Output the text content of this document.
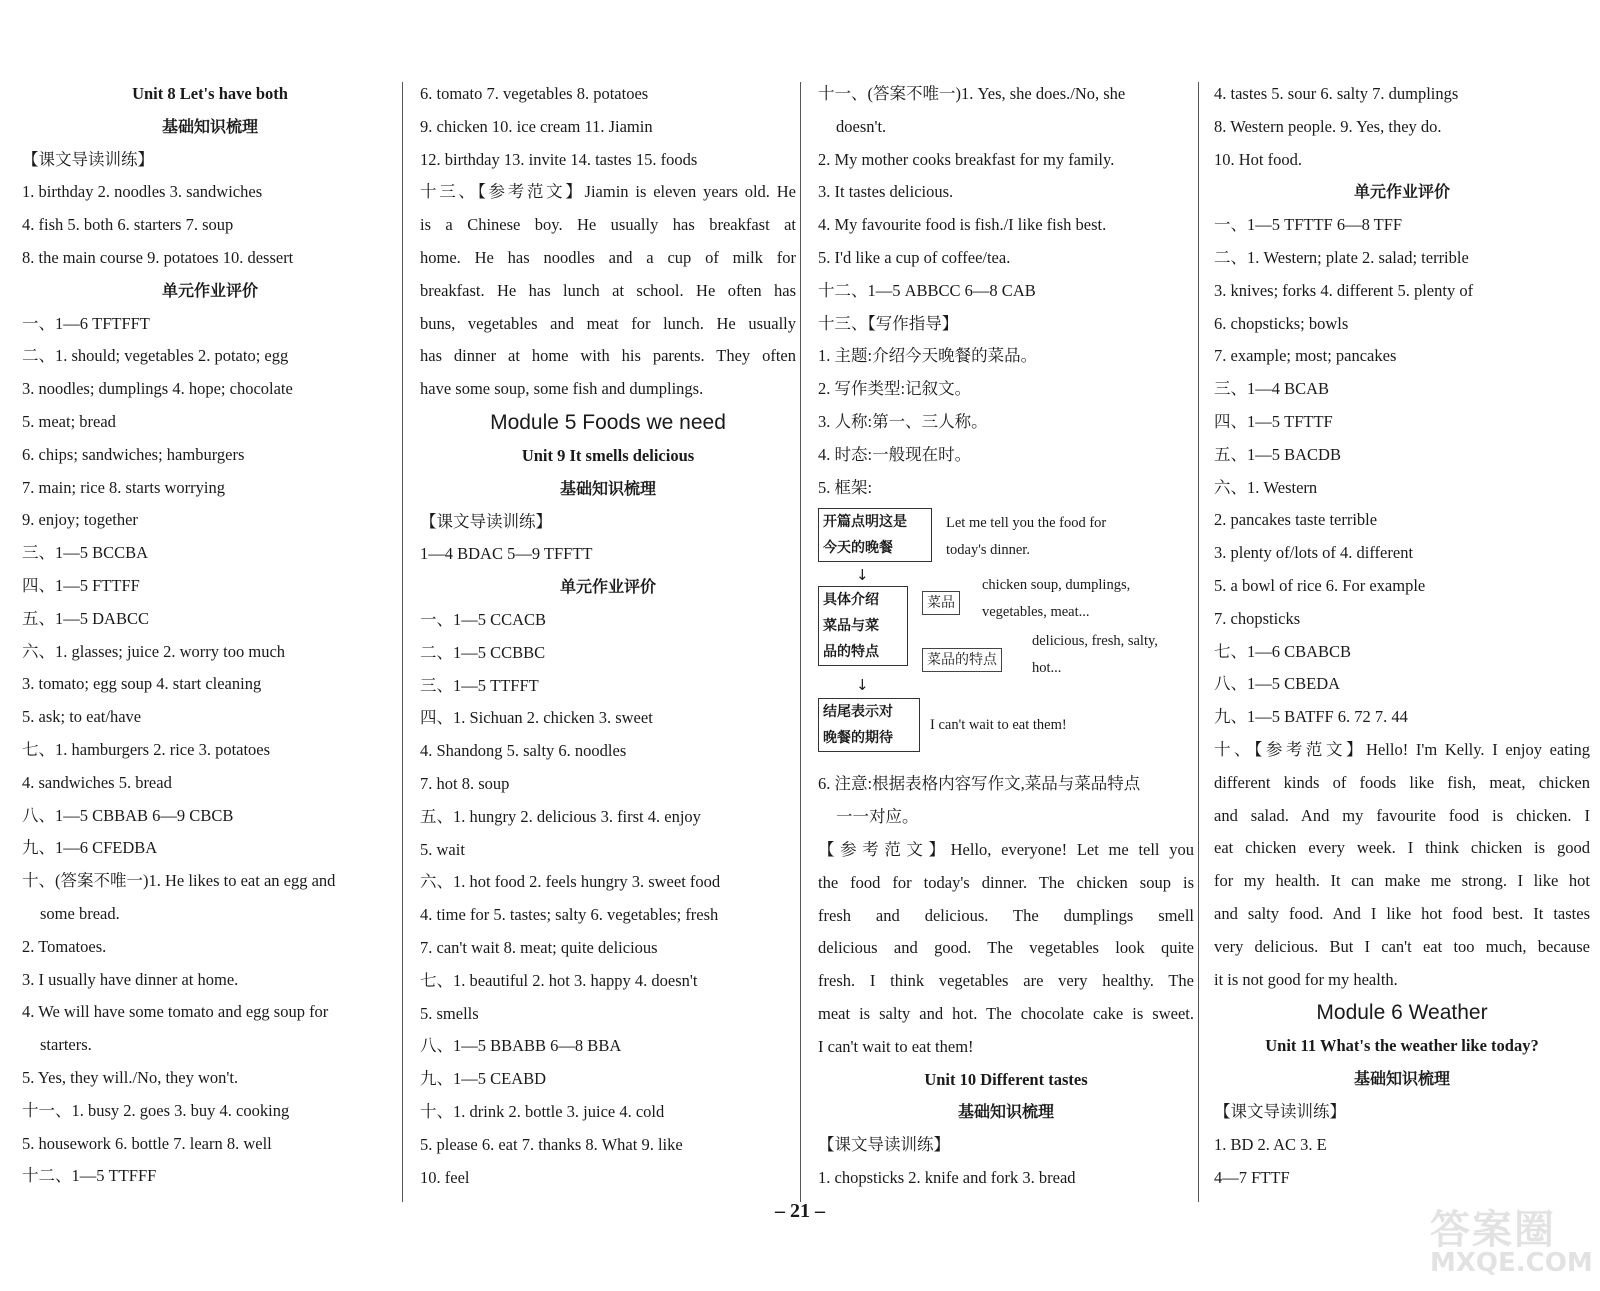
Unit 8 Let's have both
基础知识梳理
【课文导读训练】
1. birthday 2. noodles 3. sandwiches
4. fish 5. both 6. starters 7. soup
8. the main course 9. potatoes 10. dessert
单元作业评价
一、1—6 TFTFFT
二、1. should; vegetables 2. potato; egg
3. noodles; dumplings 4. hope; chocolate
5. meat; bread
6. chips; sandwiches; hamburgers
7. main; rice 8. starts worrying
9. enjoy; together
三、1—5 BCCBA
四、1—5 FTTFF
五、1—5 DABCC
六、1. glasses; juice 2. worry too much
3. tomato; egg soup 4. start cleaning
5. ask; to eat/have
七、1. hamburgers 2. rice 3. potatoes
4. sandwiches 5. bread
八、1—5 CBBAB 6—9 CBCB
九、1—6 CFEDBA
十、(答案不唯一)1. He likes to eat an egg and
some bread.
2. Tomatoes.
3. I usually have dinner at home.
4. We will have some tomato and egg soup for
starters.
5. Yes, they will./No, they won't.
十一、1. busy 2. goes 3. buy 4. cooking
5. housework 6. bottle 7. learn 8. well
十二、1—5 TTFFF
6. tomato 7. vegetables 8. potatoes
9. chicken 10. ice cream 11. Jiamin
12. birthday 13. invite 14. tastes 15. foods
十三、【参考范文】Jiamin is eleven years old. He
is a Chinese boy. He usually has breakfast at
home. He has noodles and a cup of milk for
breakfast. He has lunch at school. He often has
buns, vegetables and meat for lunch. He usually
has dinner at home with his parents. They often
have some soup, some fish and dumplings.
Module 5 Foods we need
Unit 9 It smells delicious
基础知识梳理
【课文导读训练】
1—4 BDAC 5—9 TFFTT
单元作业评价
一、1—5 CCACB
二、1—5 CCBBC
三、1—5 TTFFT
四、1. Sichuan 2. chicken 3. sweet
4. Shandong 5. salty 6. noodles
7. hot 8. soup
五、1. hungry 2. delicious 3. first 4. enjoy
5. wait
六、1. hot food 2. feels hungry 3. sweet food
4. time for 5. tastes; salty 6. vegetables; fresh
7. can't wait 8. meat; quite delicious
七、1. beautiful 2. hot 3. happy 4. doesn't
5. smells
八、1—5 BBABB 6—8 BBA
九、1—5 CEABD
十、1. drink 2. bottle 3. juice 4. cold
5. please 6. eat 7. thanks 8. What 9. like
10. feel
十一、(答案不唯一)1. Yes, she does./No, she
doesn't.
2. My mother cooks breakfast for my family.
3. It tastes delicious.
4. My favourite food is fish./I like fish best.
5. I'd like a cup of coffee/tea.
十二、1—5 ABBCC 6—8 CAB
十三、【写作指导】
1. 主题:介绍今天晚餐的菜品。
2. 写作类型:记叙文。
3. 人称:第一、三人称。
4. 时态:一般现在时。
5. 框架:
开篇点明这是
今天的晚餐
Let me tell you the food for
today's dinner.
↓
具体介绍
菜品与菜
品的特点
菜品
chicken soup, dumplings,
vegetables, meat...
菜品的特点
delicious, fresh, salty,
hot...
↓
结尾表示对
晚餐的期待
I can't wait to eat them!
6. 注意:根据表格内容写作文,菜品与菜品特点
一一对应。
【参考范文】Hello, everyone! Let me tell you
the food for today's dinner. The chicken soup is
fresh and delicious. The dumplings smell
delicious and good. The vegetables look quite
fresh. I think vegetables are very healthy. The
meat is salty and hot. The chocolate cake is sweet.
I can't wait to eat them!
Unit 10 Different tastes
基础知识梳理
【课文导读训练】
1. chopsticks 2. knife and fork 3. bread
4. tastes 5. sour 6. salty 7. dumplings
8. Western people. 9. Yes, they do.
10. Hot food.
单元作业评价
一、1—5 TFTTF 6—8 TFF
二、1. Western; plate 2. salad; terrible
3. knives; forks 4. different 5. plenty of
6. chopsticks; bowls
7. example; most; pancakes
三、1—4 BCAB
四、1—5 TFTTF
五、1—5 BACDB
六、1. Western
2. pancakes taste terrible
3. plenty of/lots of 4. different
5. a bowl of rice 6. For example
7. chopsticks
七、1—6 CBABCB
八、1—5 CBEDA
九、1—5 BATFF 6. 72 7. 44
十、【参考范文】Hello! I'm Kelly. I enjoy eating
different kinds of foods like fish, meat, chicken
and salad. And my favourite food is chicken. I
eat chicken every week. I think chicken is good
for my health. It can make me strong. I like hot
and salty food. And I like hot food best. It tastes
very delicious. But I can't eat too much, because
it is not good for my health.
Module 6 Weather
Unit 11 What's the weather like today?
基础知识梳理
【课文导读训练】
1. BD 2. AC 3. E
4—7 FTTF
– 21 –	答案圈
MXQE.COM
